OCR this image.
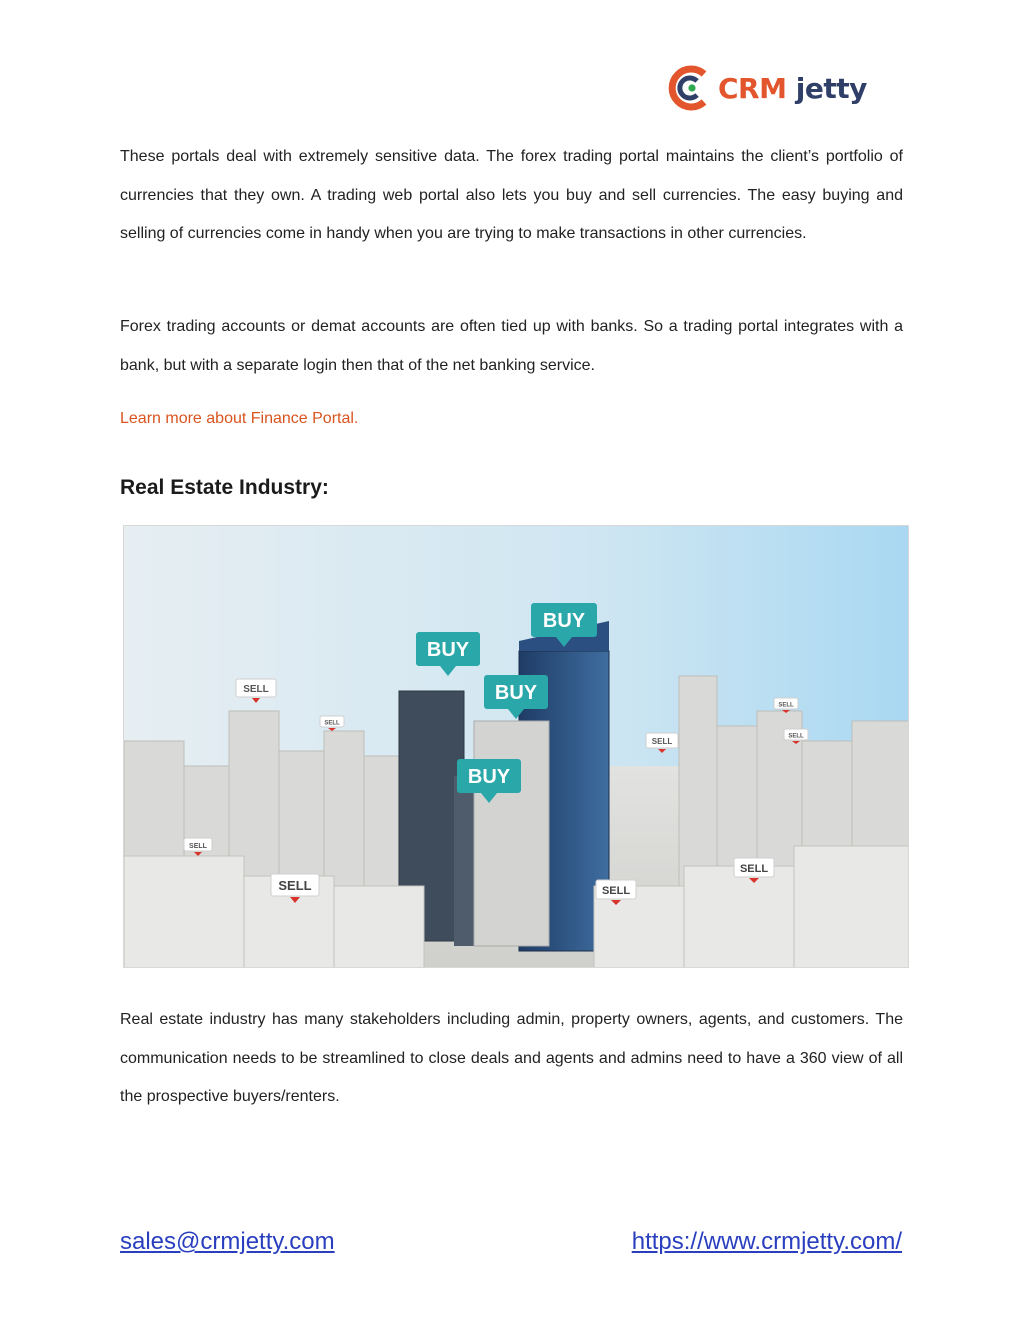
CRM jetty

These portals deal with extremely sensitive data. The forex trading portal maintains the client’s portfolio of currencies that they own. A trading web portal also lets you buy and sell currencies. The easy buying and selling of currencies come in handy when you are trying to make transactions in other currencies.

Forex trading accounts or demat accounts are often tied up with banks. So a trading portal integrates with a bank, but with a separate login then that of the net banking service.

Learn more about Finance Portal.

Real Estate Industry:
BUY
BUY
BUY
BUY
SELL
SELL	SELL
SELL
SELL
SELL
SELL
SELL
SELL

Real estate industry has many stakeholders including admin, property owners, agents, and customers. The communication needs to be streamlined to close deals and agents and admins need to have a 360 view of all the prospective buyers/renters.

sales@crmjetty.com	https://www.crmjetty.com/
